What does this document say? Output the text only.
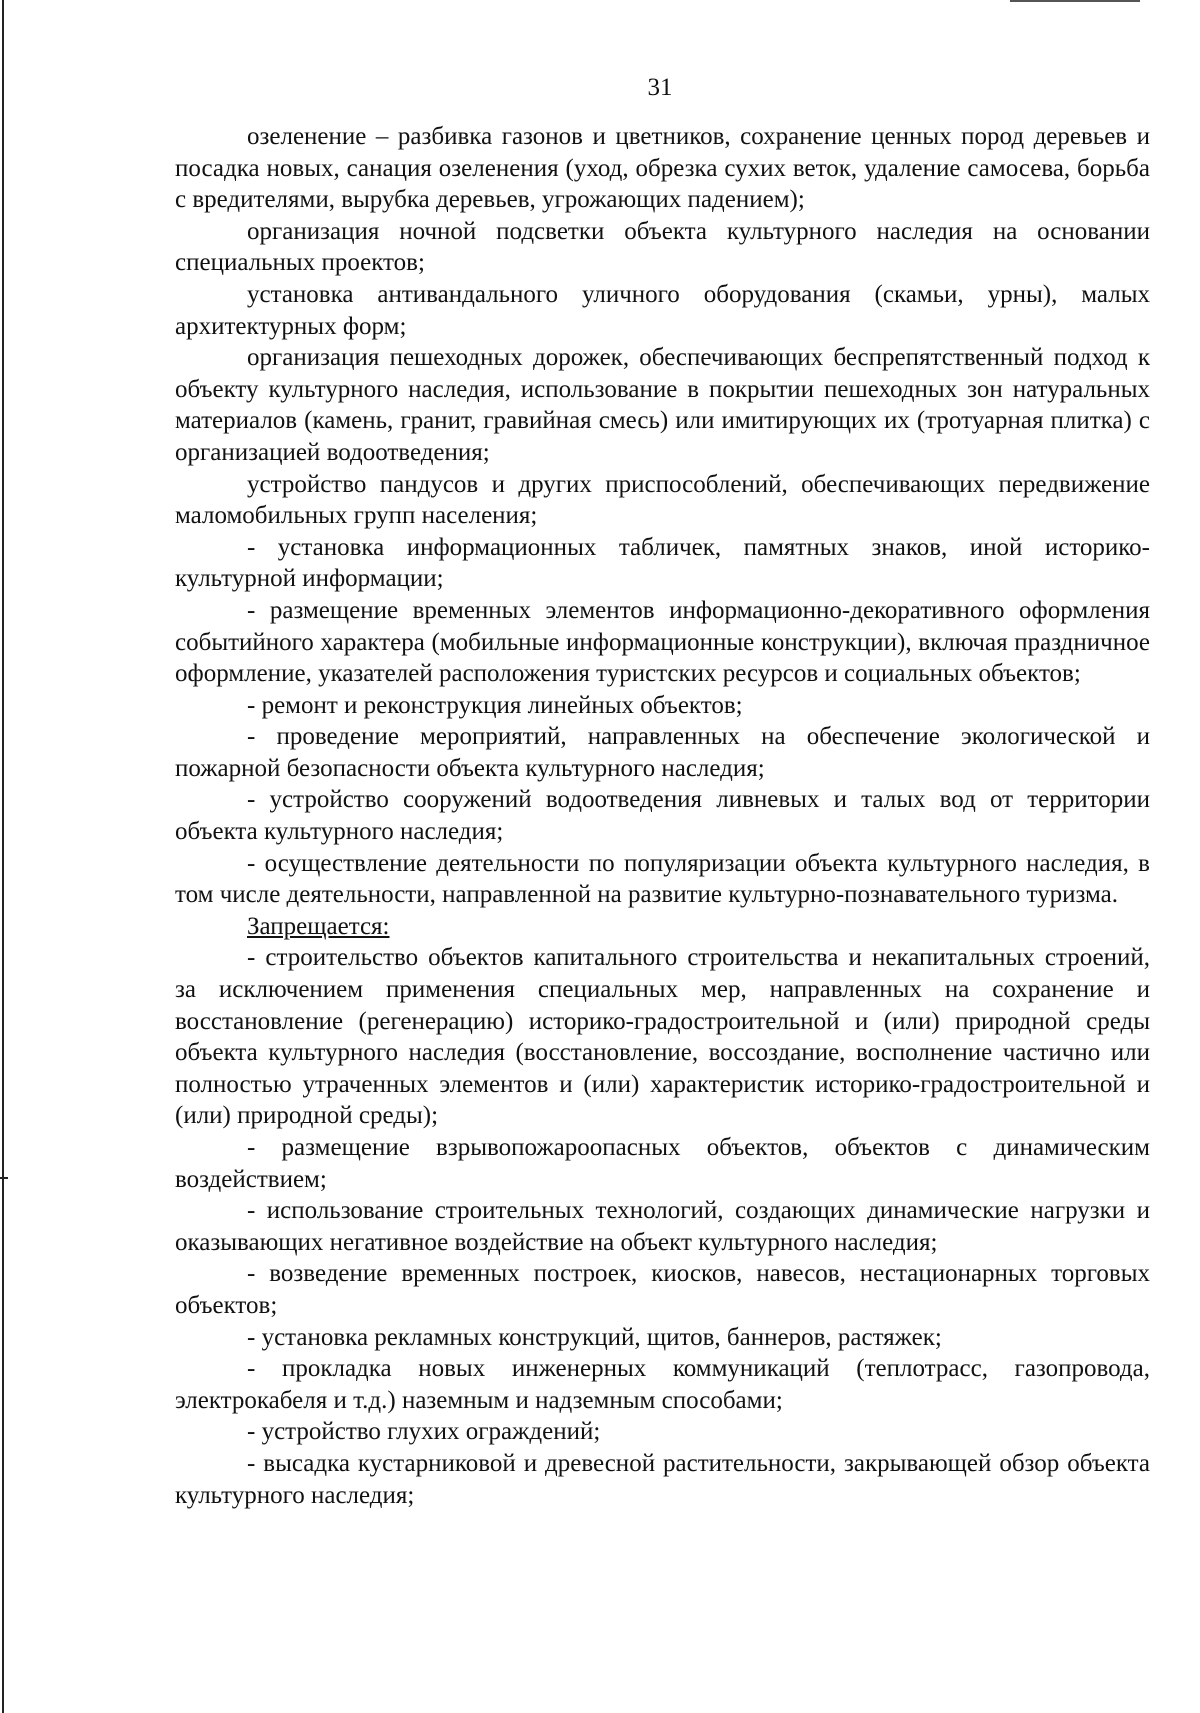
31

озеленение – разбивка газонов и цветников, сохранение ценных пород деревьев и посадка новых, санация озеленения (уход, обрезка сухих веток, удаление самосева, борьба с вредителями, вырубка деревьев, угрожающих падением);

организация ночной подсветки объекта культурного наследия на основании специальных проектов;

установка антивандального уличного оборудования (скамьи, урны), малых архитектурных форм;

организация пешеходных дорожек, обеспечивающих беспрепятственный подход к объекту культурного наследия, использование в покрытии пешеходных зон натуральных материалов (камень, гранит, гравийная смесь) или имитирующих их (тротуарная плитка) с организацией водоотведения;

устройство пандусов и других приспособлений, обеспечивающих передвижение маломобильных групп населения;

- установка информационных табличек, памятных знаков, иной историко-культурной информации;

- размещение временных элементов информационно-декоративного оформления событийного характера (мобильные информационные конструкции), включая праздничное оформление, указателей расположения туристских ресурсов и социальных объектов;

- ремонт и реконструкция линейных объектов;

- проведение мероприятий, направленных на обеспечение экологической и пожарной безопасности объекта культурного наследия;

- устройство сооружений водоотведения ливневых и талых вод от территории объекта культурного наследия;

- осуществление деятельности по популяризации объекта культурного наследия, в том числе деятельности, направленной на развитие культурно-познавательного туризма.

Запрещается:

- строительство объектов капитального строительства и некапитальных строений, за исключением применения специальных мер, направленных на сохранение и восстановление (регенерацию) историко-градостроительной и (или) природной среды объекта культурного наследия (восстановление, воссоздание, восполнение частично или полностью утраченных элементов и (или) характеристик историко-градостроительной и (или) природной среды);

- размещение взрывопожароопасных объектов, объектов с динамическим воздействием;

- использование строительных технологий, создающих динамические нагрузки и оказывающих негативное воздействие на объект культурного наследия;

- возведение временных построек, киосков, навесов, нестационарных торговых объектов;

- установка рекламных конструкций, щитов, баннеров, растяжек;

- прокладка новых инженерных коммуникаций (теплотрасс, газопровода, электрокабеля и т.д.) наземным и надземным способами;

- устройство глухих ограждений;

- высадка кустарниковой и древесной растительности, закрывающей обзор объекта культурного наследия;
